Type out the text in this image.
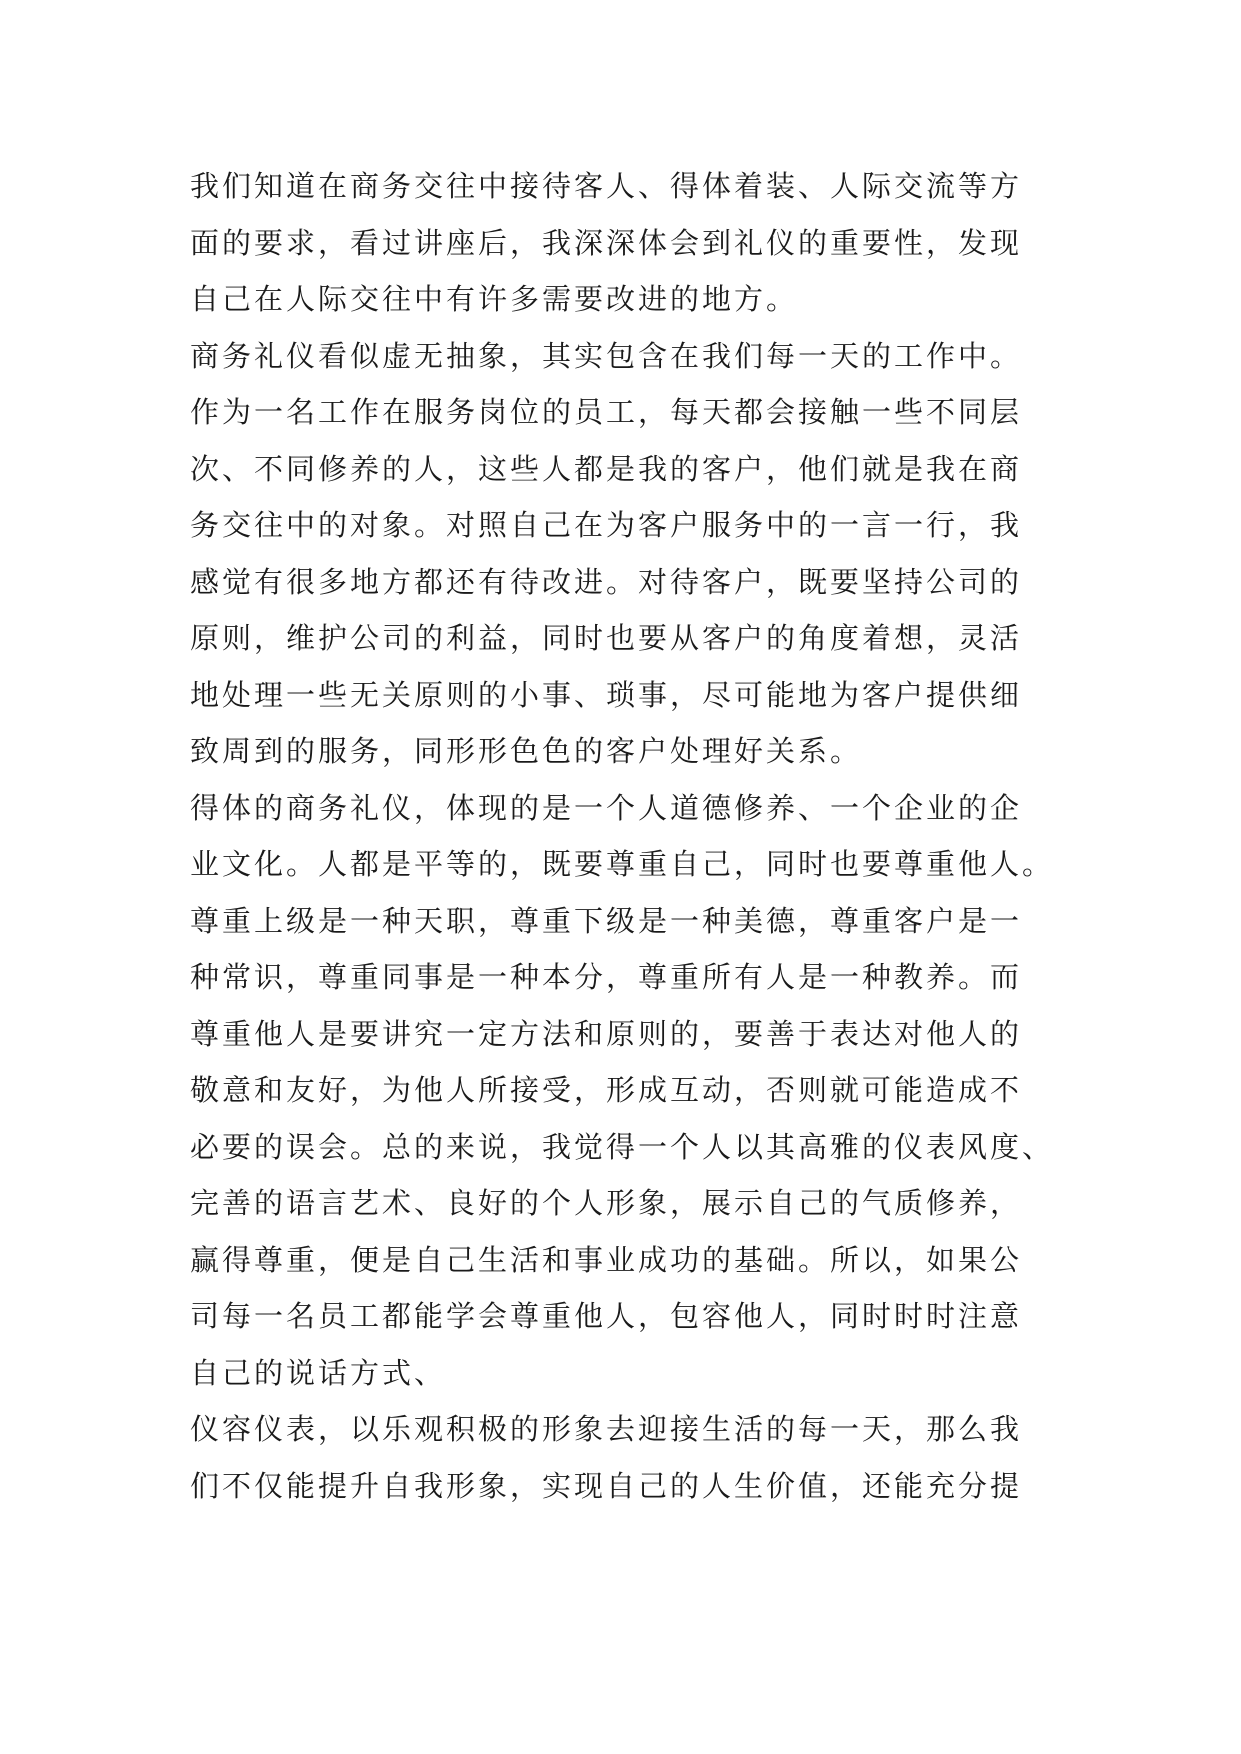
我们知道在商务交往中接待客人、得体着装、人际交流等方
面的要求，看过讲座后，我深深体会到礼仪的重要性，发现
自己在人际交往中有许多需要改进的地方。
商务礼仪看似虚无抽象，其实包含在我们每一天的工作中。
作为一名工作在服务岗位的员工，每天都会接触一些不同层
次、不同修养的人，这些人都是我的客户，他们就是我在商
务交往中的对象。对照自己在为客户服务中的一言一行，我
感觉有很多地方都还有待改进。对待客户，既要坚持公司的
原则，维护公司的利益，同时也要从客户的角度着想，灵活
地处理一些无关原则的小事、琐事，尽可能地为客户提供细
致周到的服务，同形形色色的客户处理好关系。
得体的商务礼仪，体现的是一个人道德修养、一个企业的企
业文化。人都是平等的，既要尊重自己，同时也要尊重他人。
尊重上级是一种天职，尊重下级是一种美德，尊重客户是一
种常识，尊重同事是一种本分，尊重所有人是一种教养。而
尊重他人是要讲究一定方法和原则的，要善于表达对他人的
敬意和友好，为他人所接受，形成互动，否则就可能造成不
必要的误会。总的来说，我觉得一个人以其高雅的仪表风度、
完善的语言艺术、良好的个人形象，展示自己的气质修养，
赢得尊重，便是自己生活和事业成功的基础。所以，如果公
司每一名员工都能学会尊重他人，包容他人，同时时时注意
自己的说话方式、
仪容仪表，以乐观积极的形象去迎接生活的每一天，那么我
们不仅能提升自我形象，实现自己的人生价值，还能充分提
